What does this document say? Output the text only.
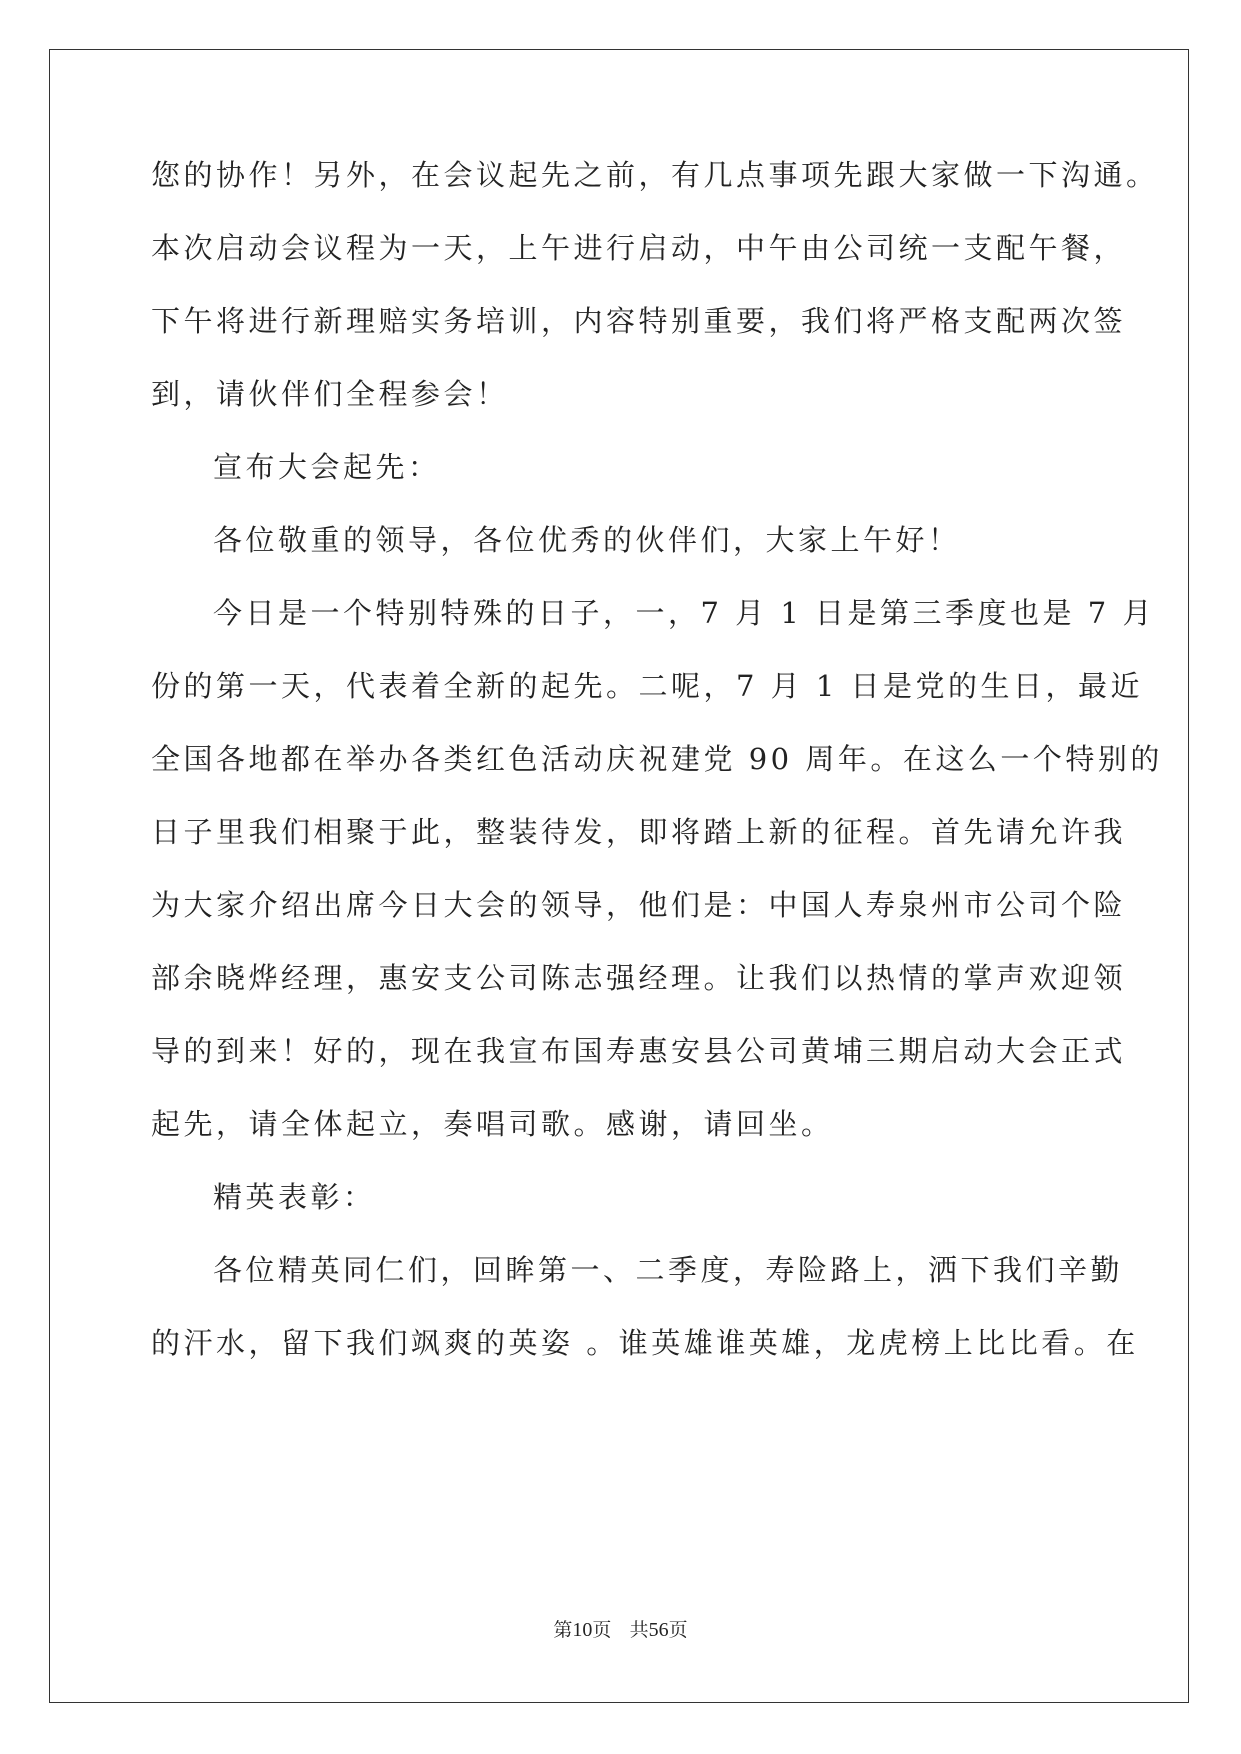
您的协作！另外，在会议起先之前，有几点事项先跟大家做一下沟通。
本次启动会议程为一天，上午进行启动，中午由公司统一支配午餐，
下午将进行新理赔实务培训，内容特别重要，我们将严格支配两次签
到，请伙伴们全程参会！
宣布大会起先：
各位敬重的领导，各位优秀的伙伴们，大家上午好！
今日是一个特别特殊的日子，一，7 月 1 日是第三季度也是 7 月
份的第一天，代表着全新的起先。二呢，7 月 1 日是党的生日，最近
全国各地都在举办各类红色活动庆祝建党 90 周年。在这么一个特别的
日子里我们相聚于此，整装待发，即将踏上新的征程。首先请允许我
为大家介绍出席今日大会的领导，他们是：中国人寿泉州市公司个险
部余晓烨经理，惠安支公司陈志强经理。让我们以热情的掌声欢迎领
导的到来！好的，现在我宣布国寿惠安县公司黄埔三期启动大会正式
起先，请全体起立，奏唱司歌。感谢，请回坐。
精英表彰：
各位精英同仁们，回眸第一、二季度，寿险路上，洒下我们辛勤
的汗水，留下我们飒爽的英姿 。谁英雄谁英雄，龙虎榜上比比看。在
第10页 共56页
